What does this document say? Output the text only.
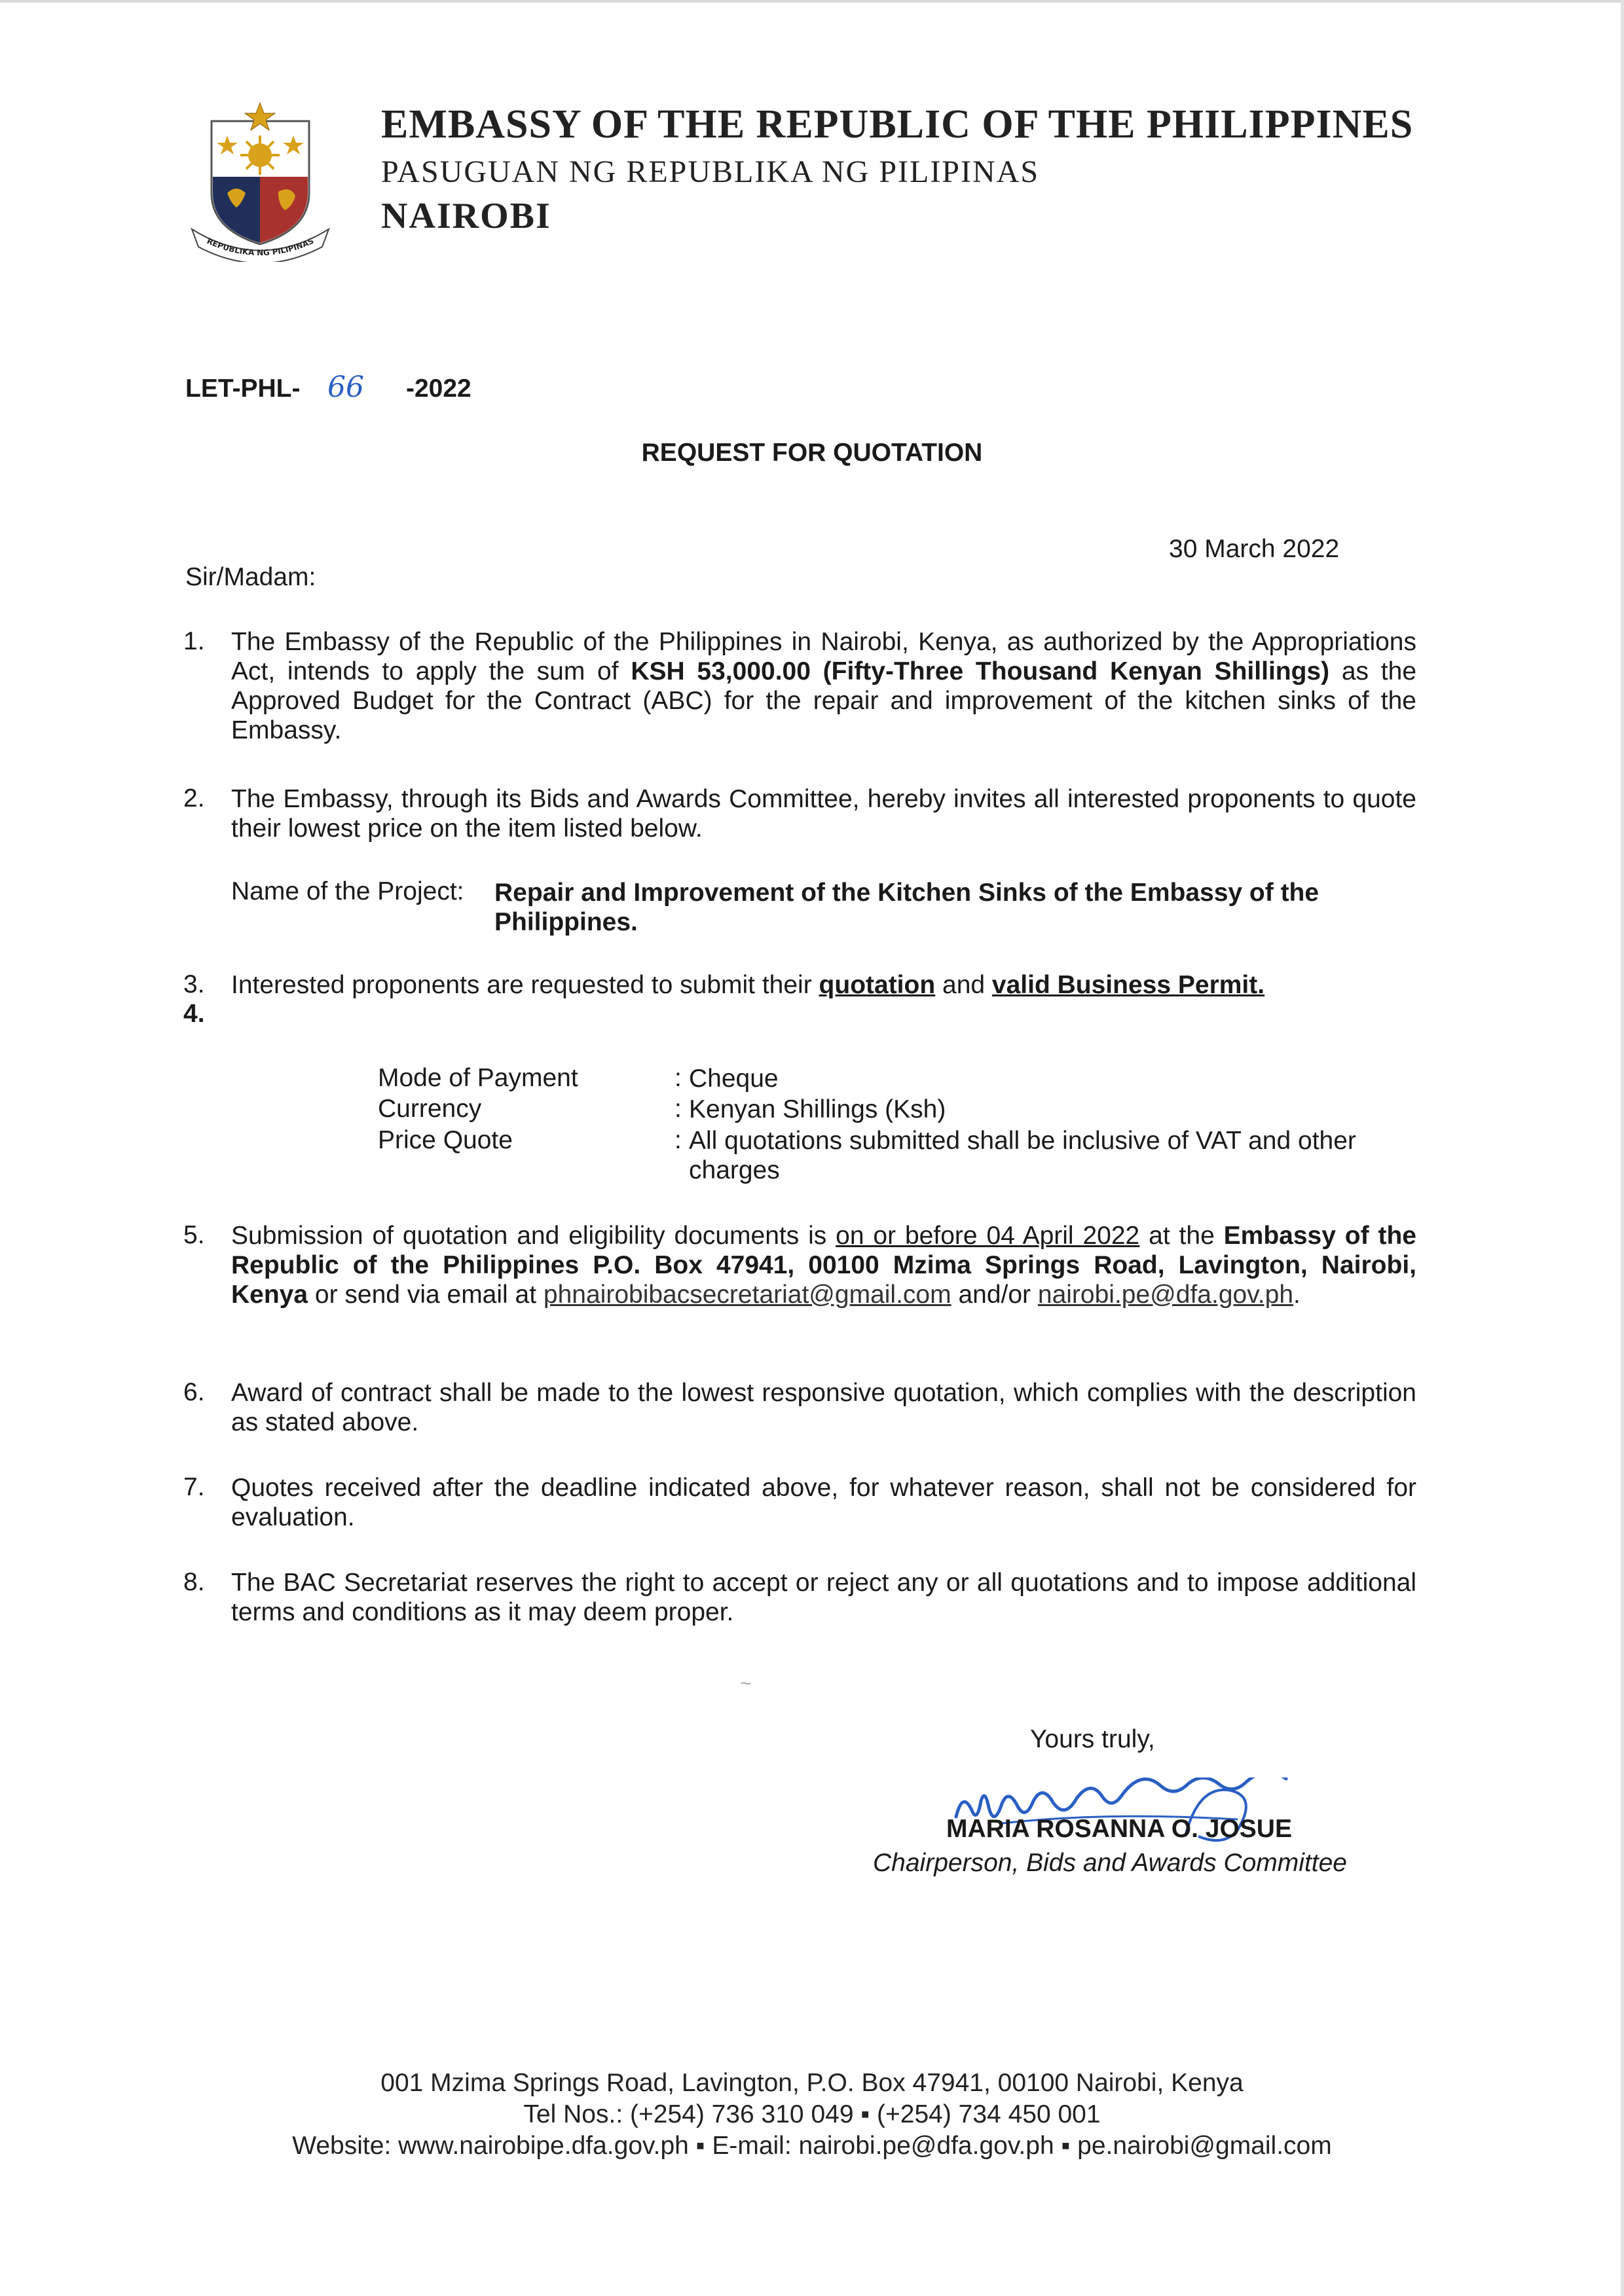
REPUBLIKA NG PILIPINAS
EMBASSY OF THE REPUBLIC OF THE PHILIPPINES
PASUGUAN NG REPUBLIKA NG PILIPINAS
NAIROBI
LET-PHL- 66 -2022
REQUEST FOR QUOTATION
30 March 2022
Sir/Madam:
1. The Embassy of the Republic of the Philippines in Nairobi, Kenya, as authorized by the Appropriations Act, intends to apply the sum of KSH 53,000.00 (Fifty-Three Thousand Kenyan Shillings) as the Approved Budget for the Contract (ABC) for the repair and improvement of the kitchen sinks of the Embassy.
2. The Embassy, through its Bids and Awards Committee, hereby invites all interested proponents to quote their lowest price on the item listed below.
Name of the Project: Repair and Improvement of the Kitchen Sinks of the Embassy of the Philippines.
3. Interested proponents are requested to submit their quotation and valid Business Permit.
4.
Mode of Payment	: Cheque
Currency	: Kenyan Shillings (Ksh)
Price Quote	: All quotations submitted shall be inclusive of VAT and other charges
5. Submission of quotation and eligibility documents is on or before 04 April 2022 at the Embassy of the Republic of the Philippines P.O. Box 47941, 00100 Mzima Springs Road, Lavington, Nairobi, Kenya or send via email at phnairobibacsecretariat@gmail.com and/or nairobi.pe@dfa.gov.ph.
6. Award of contract shall be made to the lowest responsive quotation, which complies with the description as stated above.
7. Quotes received after the deadline indicated above, for whatever reason, shall not be considered for evaluation.
8. The BAC Secretariat reserves the right to accept or reject any or all quotations and to impose additional terms and conditions as it may deem proper.
~
Yours truly,
MARIA ROSANNA O. JOSUE
Chairperson, Bids and Awards Committee
001 Mzima Springs Road, Lavington, P.O. Box 47941, 00100 Nairobi, Kenya
Tel Nos.: (+254) 736 310 049 ▪ (+254) 734 450 001
Website: www.nairobipe.dfa.gov.ph ▪ E-mail: nairobi.pe@dfa.gov.ph ▪ pe.nairobi@gmail.com
